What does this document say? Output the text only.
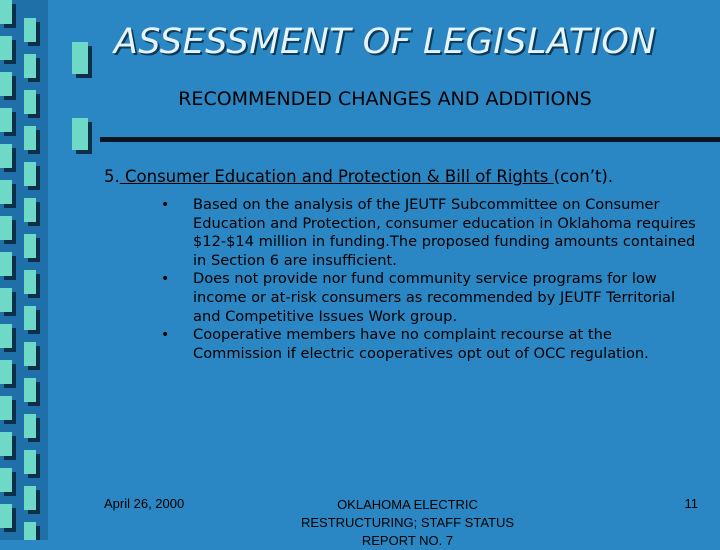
ASSESSMENT OF LEGISLATION
RECOMMENDED CHANGES AND ADDITIONS
5. Consumer Education and Protection & Bill of Rights (con’t).
• Based on the analysis of the JEUTF Subcommittee on Consumer Education and Protection, consumer education in Oklahoma requires $12-$14 million in funding.The proposed funding amounts contained in Section 6 are insufficient.
• Does not provide nor fund community service programs for low income or at-risk consumers as recommended by JEUTF Territorial and Competitive Issues Work group.
• Cooperative members have no complaint recourse at the Commission if electric cooperatives opt out of OCC regulation.
April 26, 2000	OKLAHOMA ELECTRIC RESTRUCTURING; STAFF STATUS REPORT NO. 7
11
